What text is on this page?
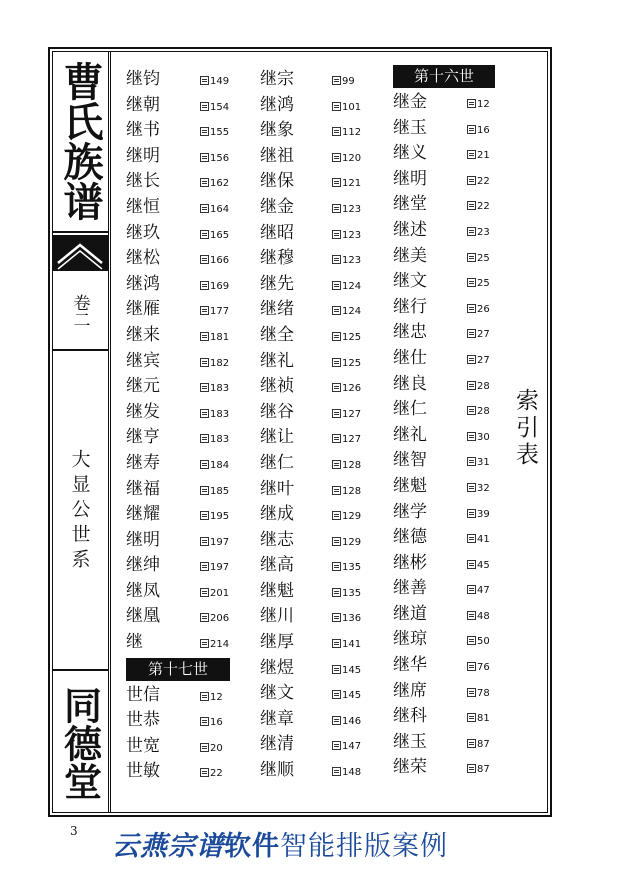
曹氏族谱
卷二
大显公世系
同德堂
继钧	149
继朝	154
继书	155
继明	156
继长	162
继恒	164
继玖	165
继松	166
继鸿	169
继雁	177
继来	181
继宾	182
继元	183
继发	183
继亨	183
继寿	184
继福	185
继耀	195
继明	197
继绅	197
继凤	201
继凰	206
继	214
第十七世
世信	12
世恭	16
世宽	20
世敏	22
继宗	99
继鸿	101
继象	112
继祖	120
继保	121
继金	123
继昭	123
继穆	123
继先	124
继绪	124
继全	125
继礼	125
继祯	126
继谷	127
继让	127
继仁	128
继叶	128
继成	129
继志	129
继高	135
继魁	135
继川	136
继厚	141
继煜	145
继文	145
继章	146
继清	147
继顺	148
第十六世
继金	12
继玉	16
继义	21
继明	22
继堂	22
继述	23
继美	25
继文	25
继行	26
继忠	27
继仕	27
继良	28
继仁	28
继礼	30
继智	31
继魁	32
继学	39
继德	41
继彬	45
继善	47
继道	48
继琼	50
继华	76
继席	78
继科	81
继玉	87
继荣	87
索引表
3 云燕宗谱软件智能排版案例
